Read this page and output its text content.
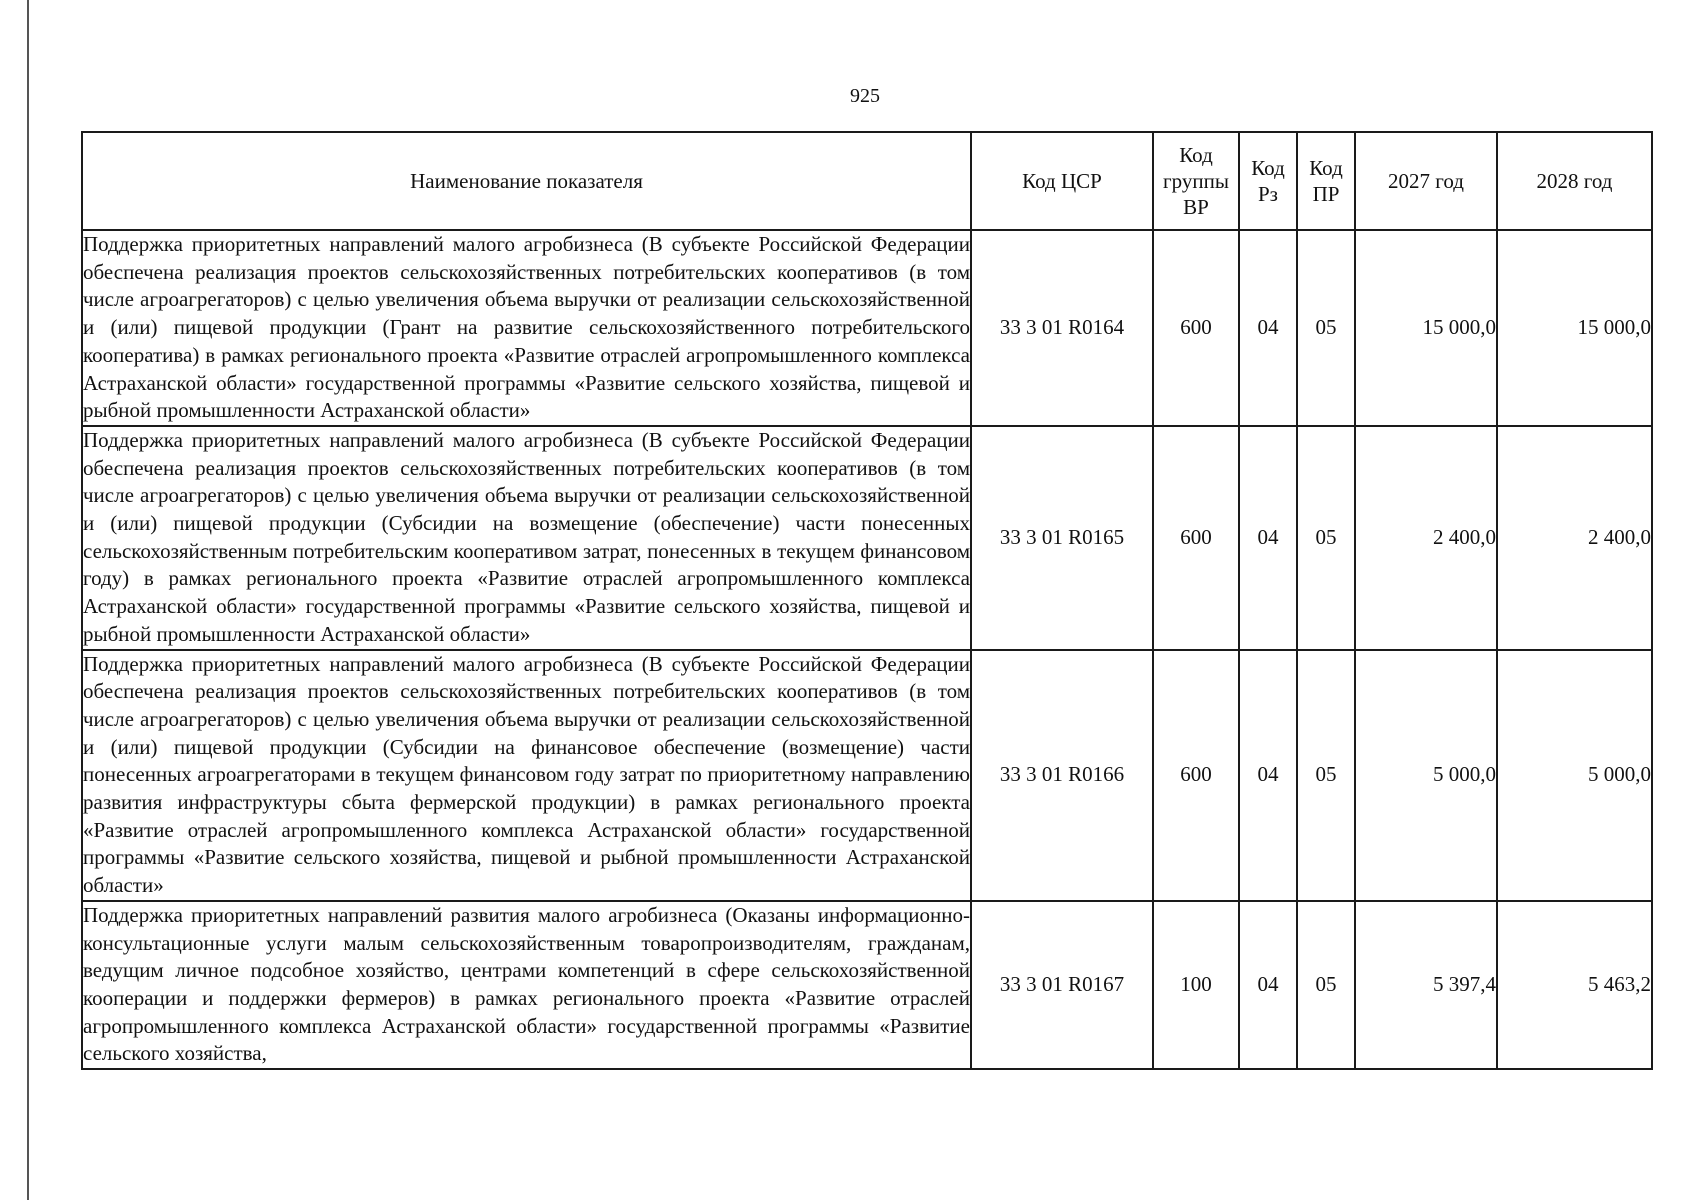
925
Наименование показателя	Код ЦСР	Код группы ВР	Код Рз	Код ПР	2027 год	2028 год
Поддержка приоритетных направлений малого агробизнеса (В субъекте Российской Федерации обеспечена реализация проектов сельскохозяйственных потребительских кооперативов (в том числе агроагрегаторов) с целью увеличения объема выручки от реализации сельскохозяйственной и (или) пищевой продукции (Грант на развитие сельскохозяйственного потребительского кооператива) в рамках регионального проекта «Развитие отраслей агропромышленного комплекса Астраханской области» государственной программы «Развитие сельского хозяйства, пищевой и рыбной промышленности Астраханской области»	33 3 01 R0164	600	04	05	15 000,0	15 000,0
Поддержка приоритетных направлений малого агробизнеса (В субъекте Российской Федерации обеспечена реализация проектов сельскохозяйственных потребительских кооперативов (в том числе агроагрегаторов) с целью увеличения объема выручки от реализации сельскохозяйственной и (или) пищевой продукции (Субсидии на возмещение (обеспечение) части понесенных сельскохозяйственным потребительским кооперативом затрат, понесенных в текущем финансовом году) в рамках регионального проекта «Развитие отраслей агропромышленного комплекса Астраханской области» государственной программы «Развитие сельского хозяйства, пищевой и рыбной промышленности Астраханской области»	33 3 01 R0165	600	04	05	2 400,0	2 400,0
Поддержка приоритетных направлений малого агробизнеса (В субъекте Российской Федерации обеспечена реализация проектов сельскохозяйственных потребительских кооперативов (в том числе агроагрегаторов) с целью увеличения объема выручки от реализации сельскохозяйственной и (или) пищевой продукции (Субсидии на финансовое обеспечение (возмещение) части понесенных агроагрегаторами в текущем финансовом году затрат по приоритетному направлению развития инфраструктуры сбыта фермерской продукции) в рамках регионального проекта «Развитие отраслей агропромышленного комплекса Астраханской области» государственной программы «Развитие сельского хозяйства, пищевой и рыбной промышленности Астраханской области»	33 3 01 R0166	600	04	05	5 000,0	5 000,0
Поддержка приоритетных направлений развития малого агробизнеса (Оказаны информационно-консультационные услуги малым сельскохозяйственным товаропроизводителям, гражданам, ведущим личное подсобное хозяйство, центрами компетенций в сфере сельскохозяйственной кооперации и поддержки фермеров) в рамках регионального проекта «Развитие отраслей агропромышленного комплекса Астраханской области» государственной программы «Развитие сельского хозяйства,	33 3 01 R0167	100	04	05	5 397,4	5 463,2
